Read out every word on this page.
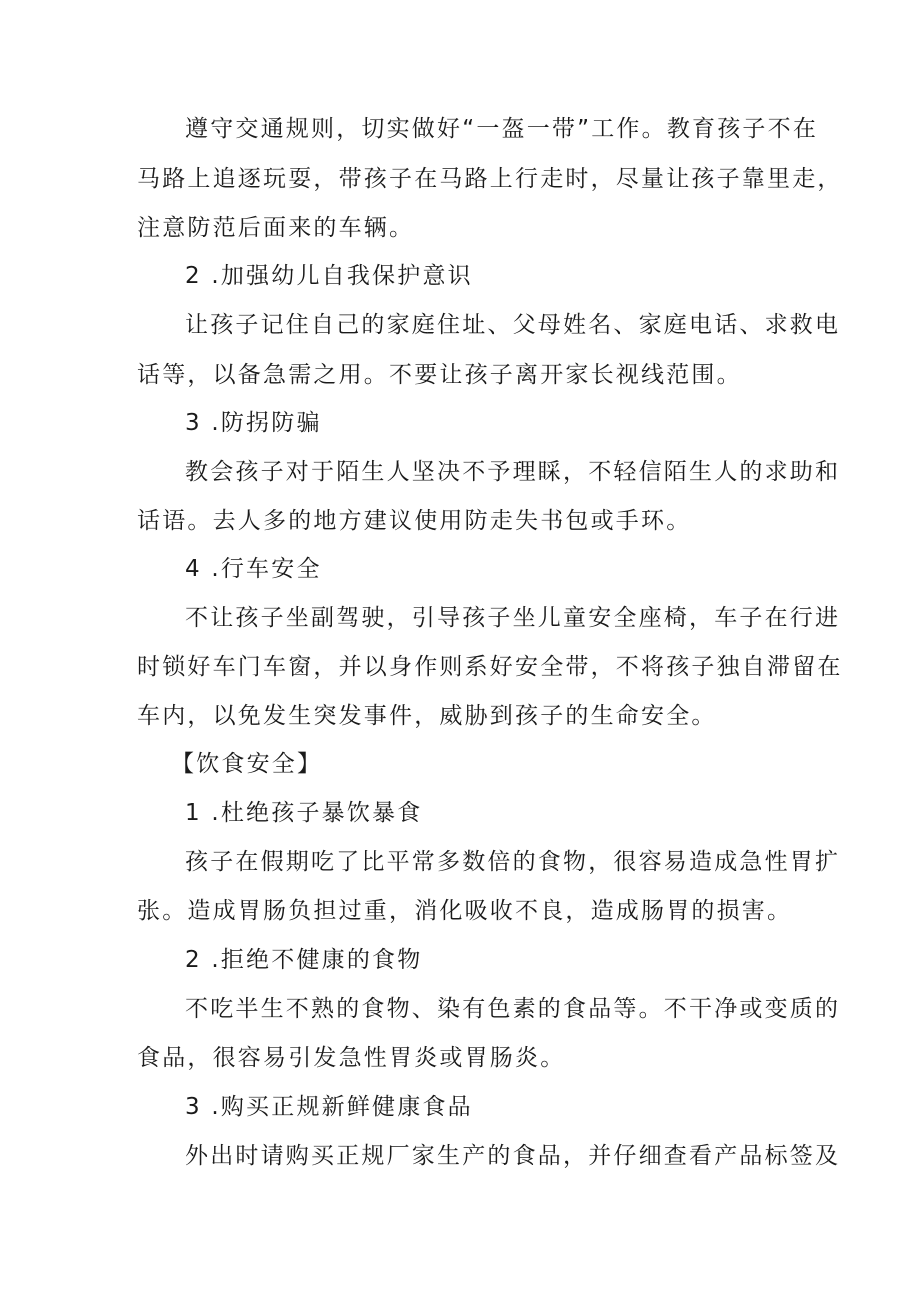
遵守交通规则，切实做好“一盔一带”工作。教育孩子不在
马路上追逐玩耍，带孩子在马路上行走时，尽量让孩子靠里走，
注意防范后面来的车辆。
2 .加强幼儿自我保护意识
让孩子记住自己的家庭住址、父母姓名、家庭电话、求救电
话等，以备急需之用。不要让孩子离开家长视线范围。
3 .防拐防骗
教会孩子对于陌生人坚决不予理睬，不轻信陌生人的求助和
话语。去人多的地方建议使用防走失书包或手环。
4 .行车安全
不让孩子坐副驾驶，引导孩子坐儿童安全座椅，车子在行进
时锁好车门车窗，并以身作则系好安全带，不将孩子独自滞留在
车内，以免发生突发事件，威胁到孩子的生命安全。
【饮食安全】
1 .杜绝孩子暴饮暴食
孩子在假期吃了比平常多数倍的食物，很容易造成急性胃扩
张。造成胃肠负担过重，消化吸收不良，造成肠胃的损害。
2 .拒绝不健康的食物
不吃半生不熟的食物、染有色素的食品等。不干净或变质的
食品，很容易引发急性胃炎或胃肠炎。
3 .购买正规新鲜健康食品
外出时请购买正规厂家生产的食品，并仔细查看产品标签及
